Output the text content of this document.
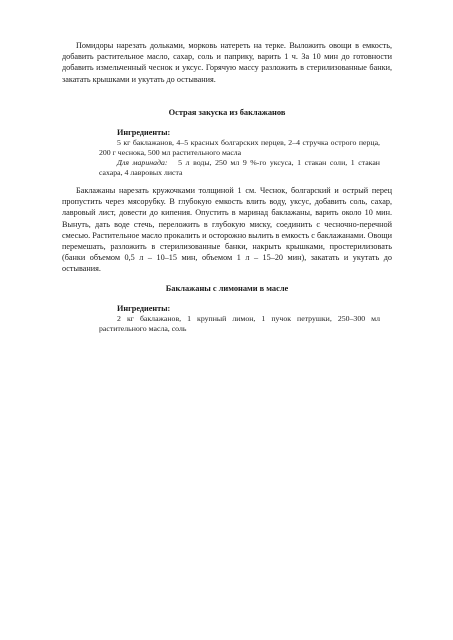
Помидоры нарезать дольками, морковь натереть на терке. Выложить овощи в емкость, добавить растительное масло, сахар, соль и паприку, варить 1 ч. За 10 мин до готовности добавить измельченный чеснок и уксус. Горячую массу разложить в стерилизованные банки, закатать крышками и укутать до остывания.

Острая закуска из баклажанов

Ингредиенты:

5 кг баклажанов, 4–5 красных болгарских перцев, 2–4 стручка острого перца,
200 г чеснока, 500 мл растительного масла
Для маринада: 5 л воды, 250 мл 9 %-го уксуса, 1 стакан соли, 1 стакан
сахара, 4 лавровых листа

Баклажаны нарезать кружочками толщиной 1 см. Чеснок, болгарский и острый перец пропустить через мясорубку. В глубокую емкость влить воду, уксус, добавить соль, сахар, лавровый лист, довести до кипения. Опустить в маринад баклажаны, варить около 10 мин. Вынуть, дать воде стечь, переложить в глубокую миску, соединить с чесночно-перечной смесью. Растительное масло прокалить и осторожно вылить в емкость с баклажанами. Овощи перемешать, разложить в стерилизованные банки, накрыть крышками, простерилизовать (банки объемом 0,5 л – 10–15 мин, объемом 1 л – 15–20 мин), закатать и укутать до остывания.

Баклажаны с лимонами в масле

Ингредиенты:

2 кг баклажанов, 1 крупный лимон, 1 пучок петрушки, 250–300 мл
растительного масла, соль
